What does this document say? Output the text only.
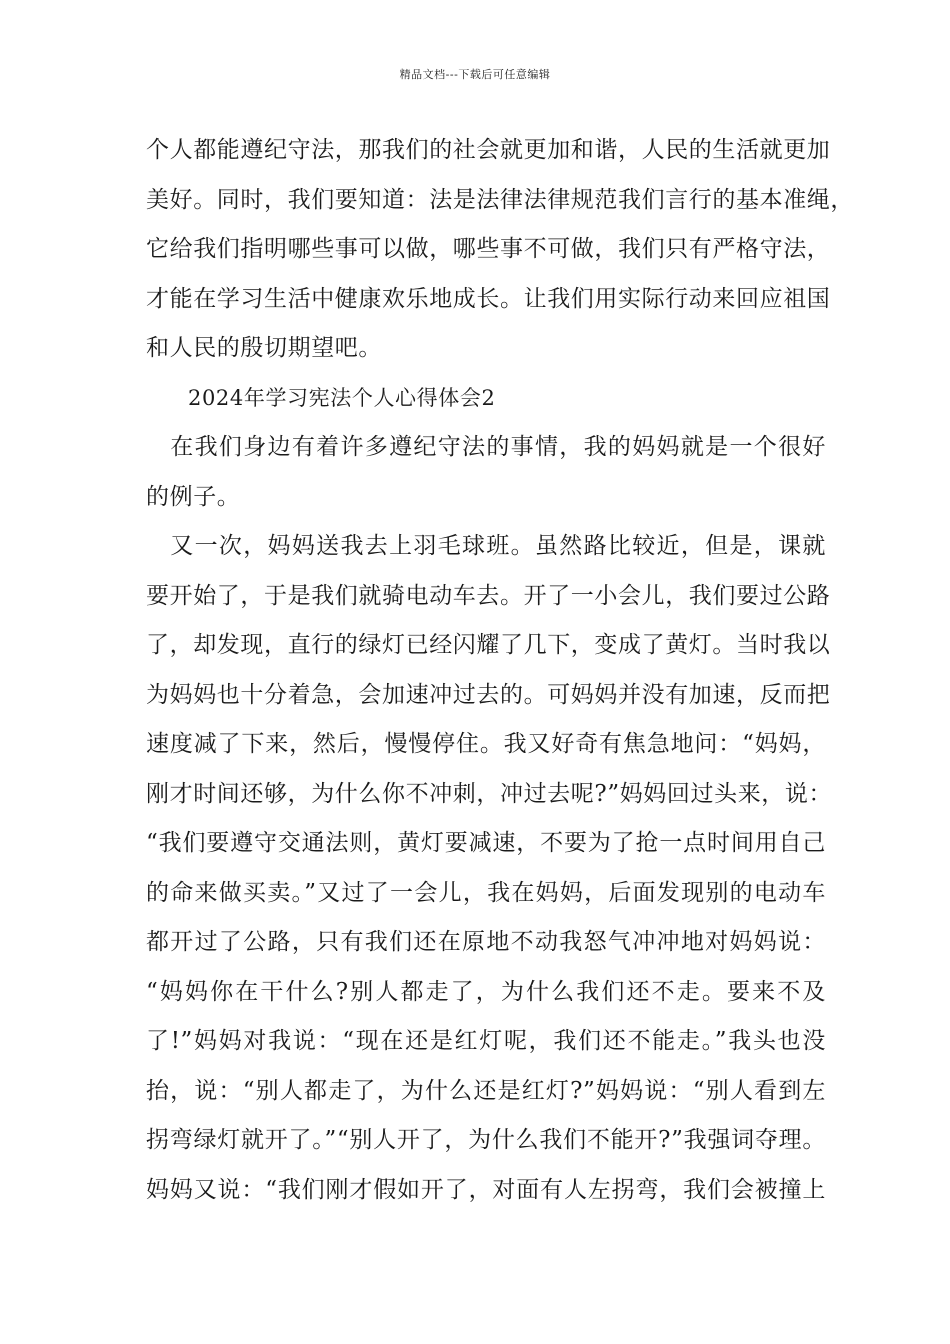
精品文档---下载后可任意编辑
个人都能遵纪守法，那我们的社会就更加和谐，人民的生活就更加
美好。同时，我们要知道：法是法律法律规范我们言行的基本准绳，
它给我们指明哪些事可以做，哪些事不可做，我们只有严格守法，
才能在学习生活中健康欢乐地成长。让我们用实际行动来回应祖国
和人民的殷切期望吧。
2024年学习宪法个人心得体会2
　在我们身边有着许多遵纪守法的事情，我的妈妈就是一个很好
的例子。
　又一次，妈妈送我去上羽毛球班。虽然路比较近，但是，课就
要开始了，于是我们就骑电动车去。开了一小会儿，我们要过公路
了，却发现，直行的绿灯已经闪耀了几下，变成了黄灯。当时我以
为妈妈也十分着急，会加速冲过去的。可妈妈并没有加速，反而把
速度减了下来，然后，慢慢停住。我又好奇有焦急地问：“妈妈，
刚才时间还够，为什么你不冲刺，冲过去呢?”妈妈回过头来，说：
“我们要遵守交通法则，黄灯要减速，不要为了抢一点时间用自己
的命来做买卖。”又过了一会儿，我在妈妈，后面发现别的电动车
都开过了公路，只有我们还在原地不动我怒气冲冲地对妈妈说：
“妈妈你在干什么?别人都走了，为什么我们还不走。要来不及
了!”妈妈对我说：“现在还是红灯呢，我们还不能走。”我头也没
抬，说：“别人都走了，为什么还是红灯?”妈妈说：“别人看到左
拐弯绿灯就开了。”“别人开了，为什么我们不能开?”我强词夺理。
妈妈又说：“我们刚才假如开了，对面有人左拐弯，我们会被撞上
